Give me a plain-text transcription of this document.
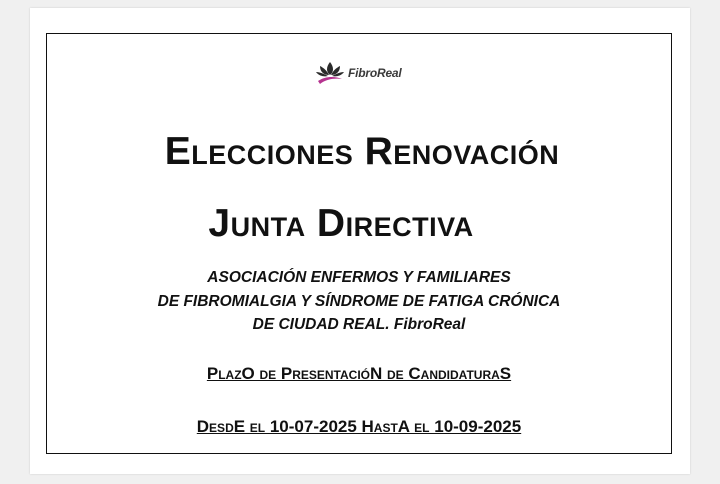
FibroReal
Elecciones Renovación
Junta Directiva
ASOCIACIÓN ENFERMOS Y FAMILIARES
DE FIBROMIALGIA Y SÍNDROME DE FATIGA CRÓNICA
DE CIUDAD REAL. FibroReal
PlazO de PresentacióN de CandidaturaS
DesdE el 10-07-2025 HastA el 10-09-2025
